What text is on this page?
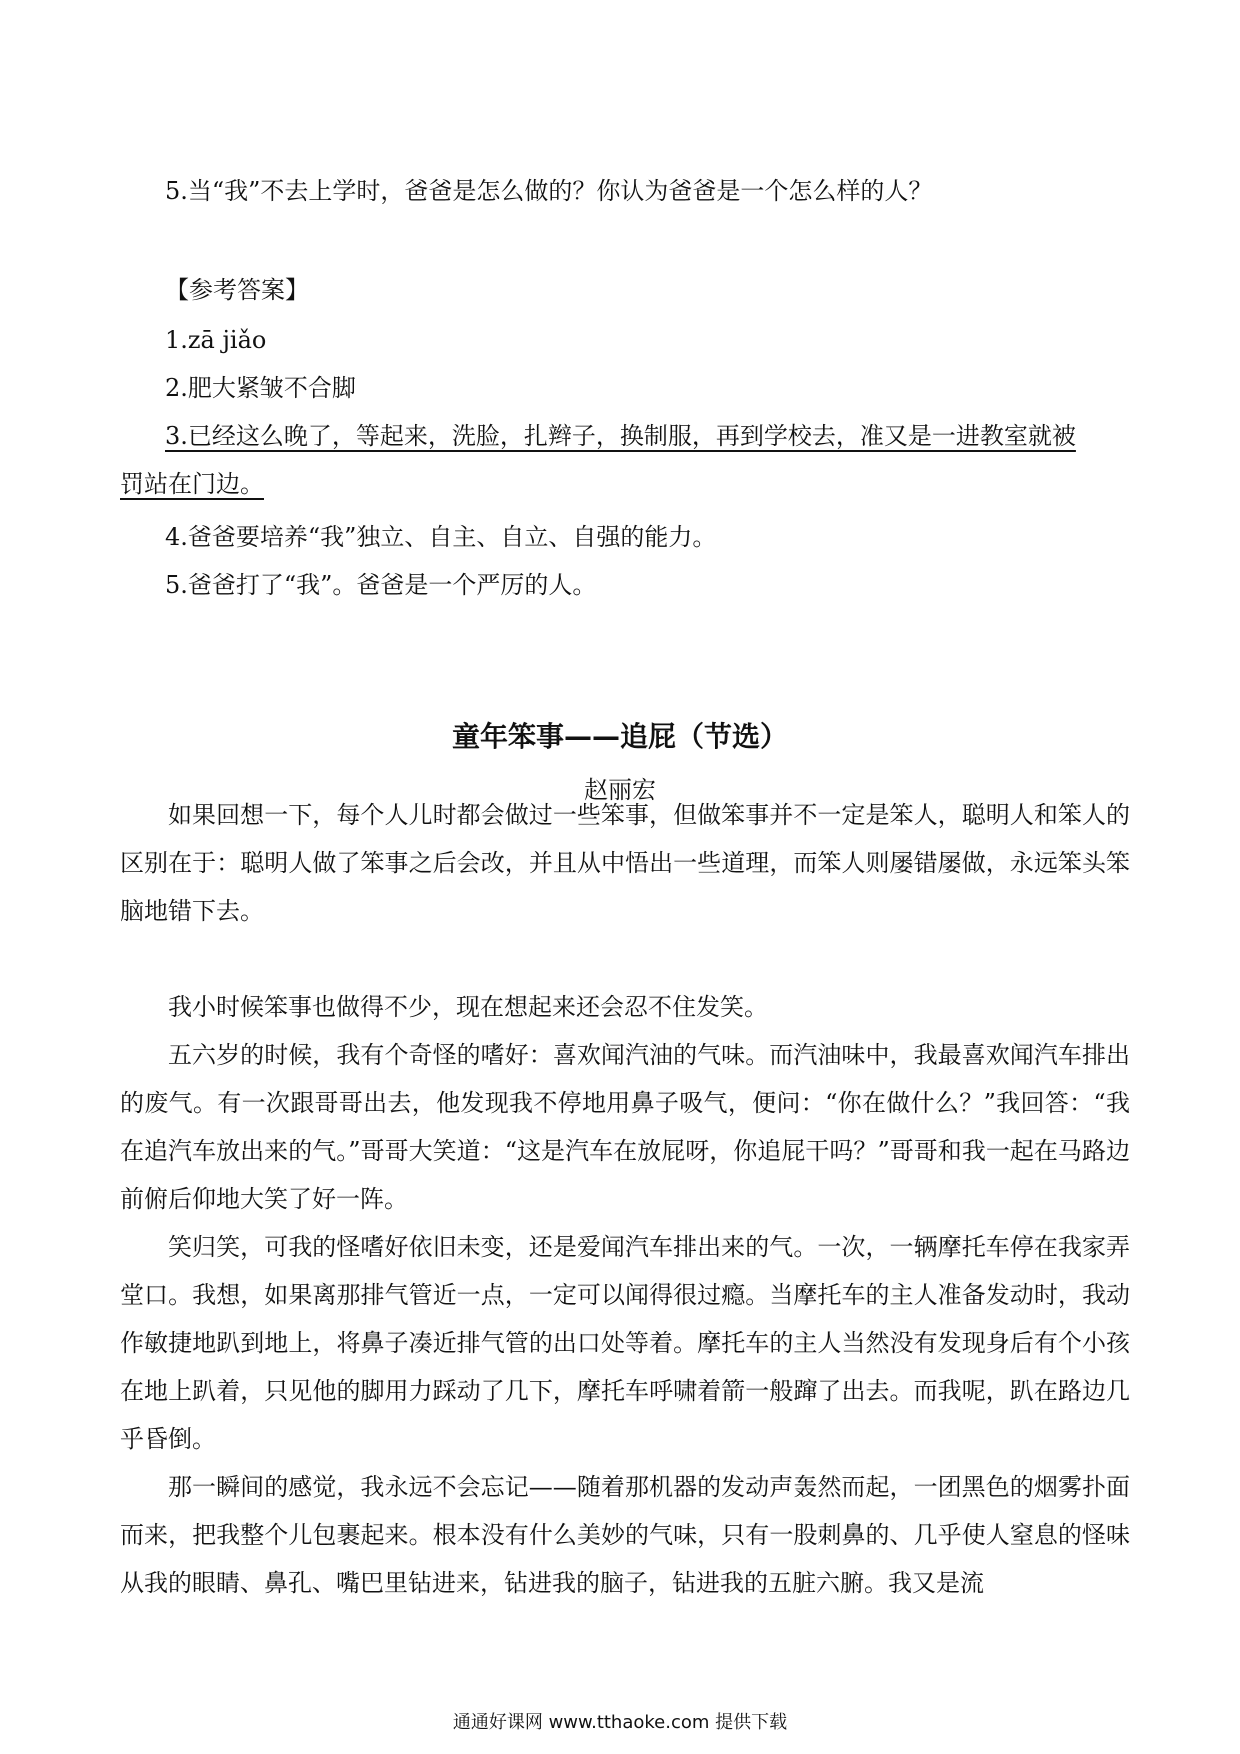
5.当“我”不去上学时，爸爸是怎么做的？你认为爸爸是一个怎么样的人？
【参考答案】
1.zā jiǎo
2.肥大紧皱不合脚
3.已经这么晚了，等起来，洗脸，扎辫子，换制服，再到学校去，准又是一进教室就被
罚站在门边。
4.爸爸要培养“我”独立、自主、自立、自强的能力。
5.爸爸打了“我”。爸爸是一个严厉的人。
童年笨事——追屁（节选）
赵丽宏

如果回想一下，每个人儿时都会做过一些笨事，但做笨事并不一定是笨人，聪明人和笨人的区别在于：聪明人做了笨事之后会改，并且从中悟出一些道理，而笨人则屡错屡做，永远笨头笨脑地错下去。

我小时候笨事也做得不少，现在想起来还会忍不住发笑。

五六岁的时候，我有个奇怪的嗜好：喜欢闻汽油的气味。而汽油味中，我最喜欢闻汽车排出的废气。有一次跟哥哥出去，他发现我不停地用鼻子吸气，便问：“你在做什么？”我回答：“我在追汽车放出来的气。”哥哥大笑道：“这是汽车在放屁呀，你追屁干吗？”哥哥和我一起在马路边前俯后仰地大笑了好一阵。

笑归笑，可我的怪嗜好依旧未变，还是爱闻汽车排出来的气。一次，一辆摩托车停在我家弄堂口。我想，如果离那排气管近一点，一定可以闻得很过瘾。当摩托车的主人准备发动时，我动作敏捷地趴到地上，将鼻子凑近排气管的出口处等着。摩托车的主人当然没有发现身后有个小孩在地上趴着，只见他的脚用力踩动了几下，摩托车呼啸着箭一般蹿了出去。而我呢，趴在路边几乎昏倒。

那一瞬间的感觉，我永远不会忘记——随着那机器的发动声轰然而起，一团黑色的烟雾扑面而来，把我整个儿包裹起来。根本没有什么美妙的气味，只有一股刺鼻的、几乎使人窒息的怪味从我的眼睛、鼻孔、嘴巴里钻进来，钻进我的脑子，钻进我的五脏六腑。我又是流

通通好课网 www.tthaoke.com 提供下载
